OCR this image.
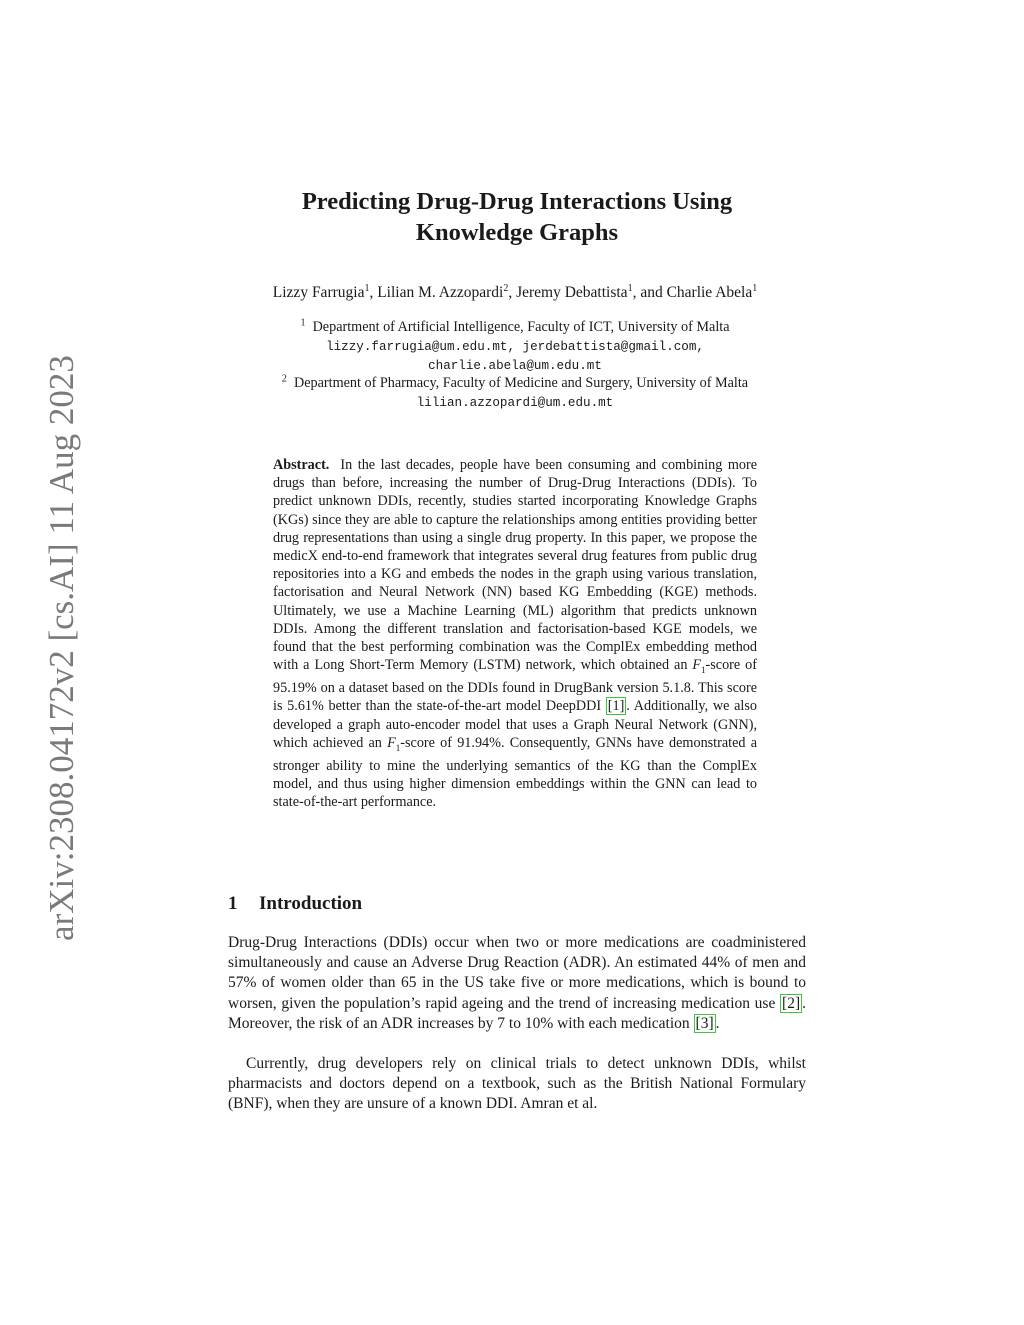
arXiv:2308.04172v2 [cs.AI] 11 Aug 2023
Predicting Drug-Drug Interactions Using
Knowledge Graphs
Lizzy Farrugia$^1$, Lilian M. Azzopardi$^2$, Jeremy Debattista$^1$, and Charlie Abela$^1$
$^1$ Department of Artificial Intelligence, Faculty of ICT, University of Malta
lizzy.farrugia@um.edu.mt, jerdebattista@gmail.com,
charlie.abela@um.edu.mt
$^2$ Department of Pharmacy, Faculty of Medicine and Surgery, University of Malta
lilian.azzopardi@um.edu.mt
Abstract. In the last decades, people have been consuming and combining more drugs than before, increasing the number of Drug-Drug Interactions (DDIs). To predict unknown DDIs, recently, studies started incorporating Knowledge Graphs (KGs) since they are able to capture the relationships among entities providing better drug representations than using a single drug property. In this paper, we propose the medicX end-to-end framework that integrates several drug features from public drug repositories into a KG and embeds the nodes in the graph using various translation, factorisation and Neural Network (NN) based KG Embedding (KGE) methods. Ultimately, we use a Machine Learning (ML) algorithm that predicts unknown DDIs. Among the different translation and factorisation-based KGE models, we found that the best performing combination was the ComplEx embedding method with a Long Short-Term Memory (LSTM) network, which obtained an $F_1$-score of 95.19% on a dataset based on the DDIs found in DrugBank version 5.1.8. This score is 5.61% better than the state-of-the-art model DeepDDI [1] . Additionally, we also developed a graph auto-encoder model that uses a Graph Neural Network (GNN), which achieved an $F_1$-score of 91.94%. Consequently, GNNs have demonstrated a stronger ability to mine the underlying semantics of the KG than the ComplEx model, and thus using higher dimension embeddings within the GNN can lead to state-of-the-art performance.
1 Introduction
Drug-Drug Interactions (DDIs) occur when two or more medications are coadministered simultaneously and cause an Adverse Drug Reaction (ADR). An estimated 44% of men and 57% of women older than 65 in the US take five or more medications, which is bound to worsen, given the population’s rapid ageing and the trend of increasing medication use [2] . Moreover, the risk of an ADR increases by 7 to 10% with each medication [3] .
Currently, drug developers rely on clinical trials to detect unknown DDIs, whilst pharmacists and doctors depend on a textbook, such as the British National Formulary (BNF), when they are unsure of a known DDI. Amran et al.
